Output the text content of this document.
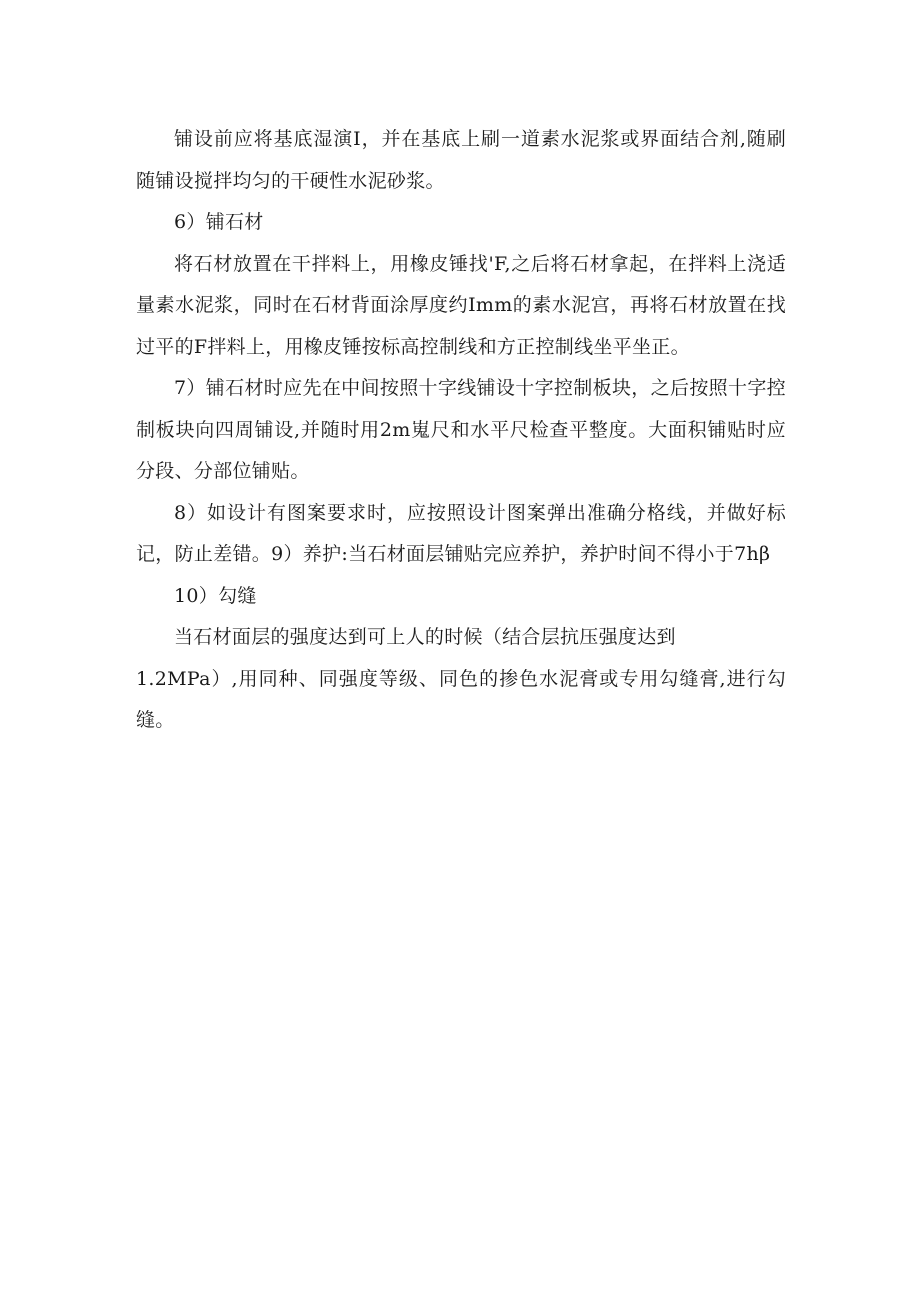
铺设前应将基底湿演I，并在基底上刷一道素水泥浆或界面结合剂,随刷随铺设搅拌均匀的干硬性水泥砂浆。

6）铺石材

将石材放置在干拌料上，用橡皮锤找'F,之后将石材拿起，在拌料上浇适量素水泥浆，同时在石材背面涂厚度约Imm的素水泥宫，再将石材放置在找过平的F拌料上，用橡皮锤按标高控制线和方正控制线坐平坐正。

7）铺石材时应先在中间按照十字线铺设十字控制板块，之后按照十字控制板块向四周铺设,并随时用2m嵬尺和水平尺检查平整度。大面积铺贴时应分段、分部位铺贴。

8）如设计有图案要求时，应按照设计图案弹出准确分格线，并做好标记，防止差错。9）养护:当石材面层铺贴完应养护，养护时间不得小于7hβ

10）勾缝

当石材面层的强度达到可上人的时候（结合层抗压强度达到

1.2MPa）,用同种、同强度等级、同色的掺色水泥膏或专用勾缝膏,进行勾缝。
